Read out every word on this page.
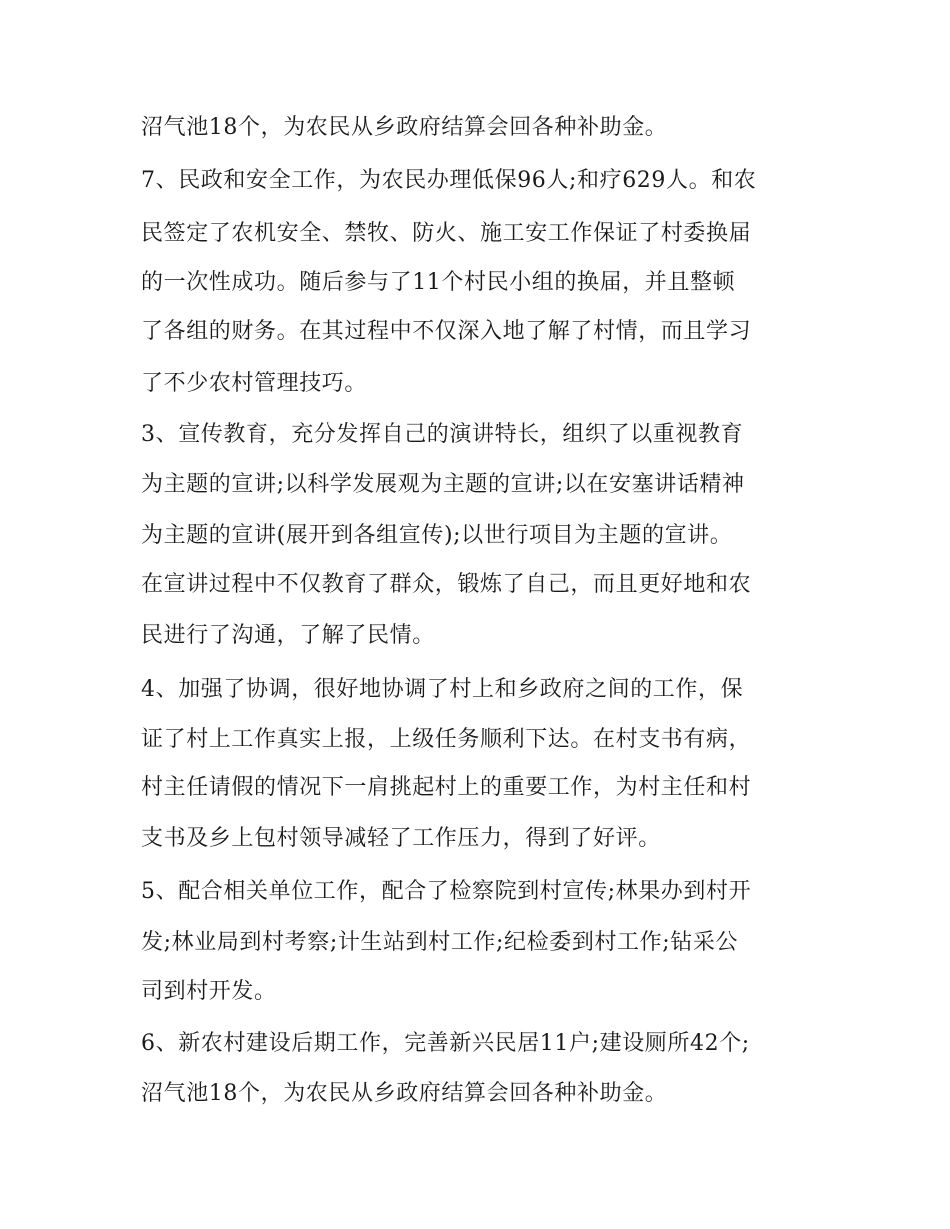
沼气池18个，为农民从乡政府结算会回各种补助金。
7、民政和安全工作，为农民办理低保96人;和疗629人。和农
民签定了农机安全、禁牧、防火、施工安工作保证了村委换届
的一次性成功。随后参与了11个村民小组的换届，并且整顿
了各组的财务。在其过程中不仅深入地了解了村情，而且学习
了不少农村管理技巧。
3、宣传教育，充分发挥自己的演讲特长，组织了以重视教育
为主题的宣讲;以科学发展观为主题的宣讲;以在安塞讲话精神
为主题的宣讲(展开到各组宣传);以世行项目为主题的宣讲。
在宣讲过程中不仅教育了群众，锻炼了自己，而且更好地和农
民进行了沟通，了解了民情。
4、加强了协调，很好地协调了村上和乡政府之间的工作，保
证了村上工作真实上报，上级任务顺利下达。在村支书有病，
村主任请假的情况下一肩挑起村上的重要工作，为村主任和村
支书及乡上包村领导减轻了工作压力，得到了好评。
5、配合相关单位工作，配合了检察院到村宣传;林果办到村开
发;林业局到村考察;计生站到村工作;纪检委到村工作;钻采公
司到村开发。
6、新农村建设后期工作，完善新兴民居11户;建设厕所42个;
沼气池18个，为农民从乡政府结算会回各种补助金。
